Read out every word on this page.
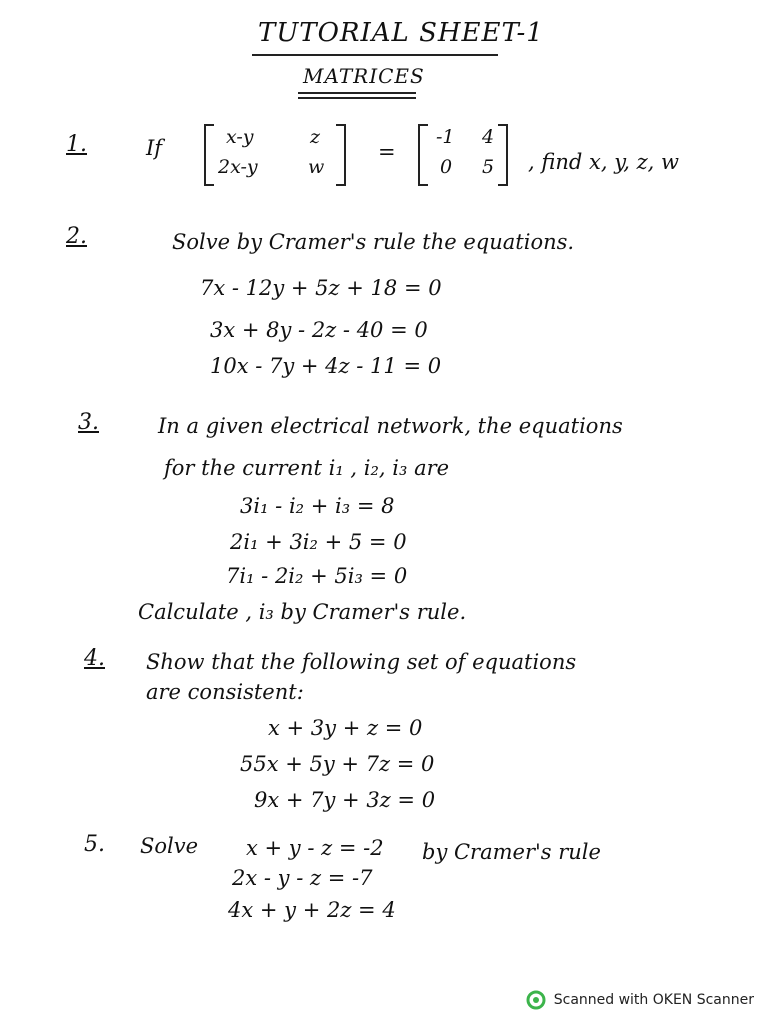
TUTORIAL SHEET-1
MATRICES
1.	If	x-y	z
2x-y	w
=
-1 4
0 5 , find x, y, z, w
2.	Solve by Cramer's rule the equations.
7x - 12y + 5z + 18 = 0
3x + 8y - 2z - 40 = 0
10x - 7y + 4z - 11 = 0
3.	In a given electrical network, the equations
for the current i₁ , i₂, i₃ are
3i₁ - i₂ + i₃ = 8
2i₁ + 3i₂ + 5 = 0
7i₁ - 2i₂ + 5i₃ = 0
Calculate , i₃ by Cramer's rule.
4. Show that the following set of equations
are consistent:
x + 3y + z = 0
55x + 5y + 7z = 0
9x + 7y + 3z = 0
5. Solve x + y - z = -2 by Cramer's rule
2x - y - z = -7
4x + y + 2z = 4
Scanned with OKEN Scanner
